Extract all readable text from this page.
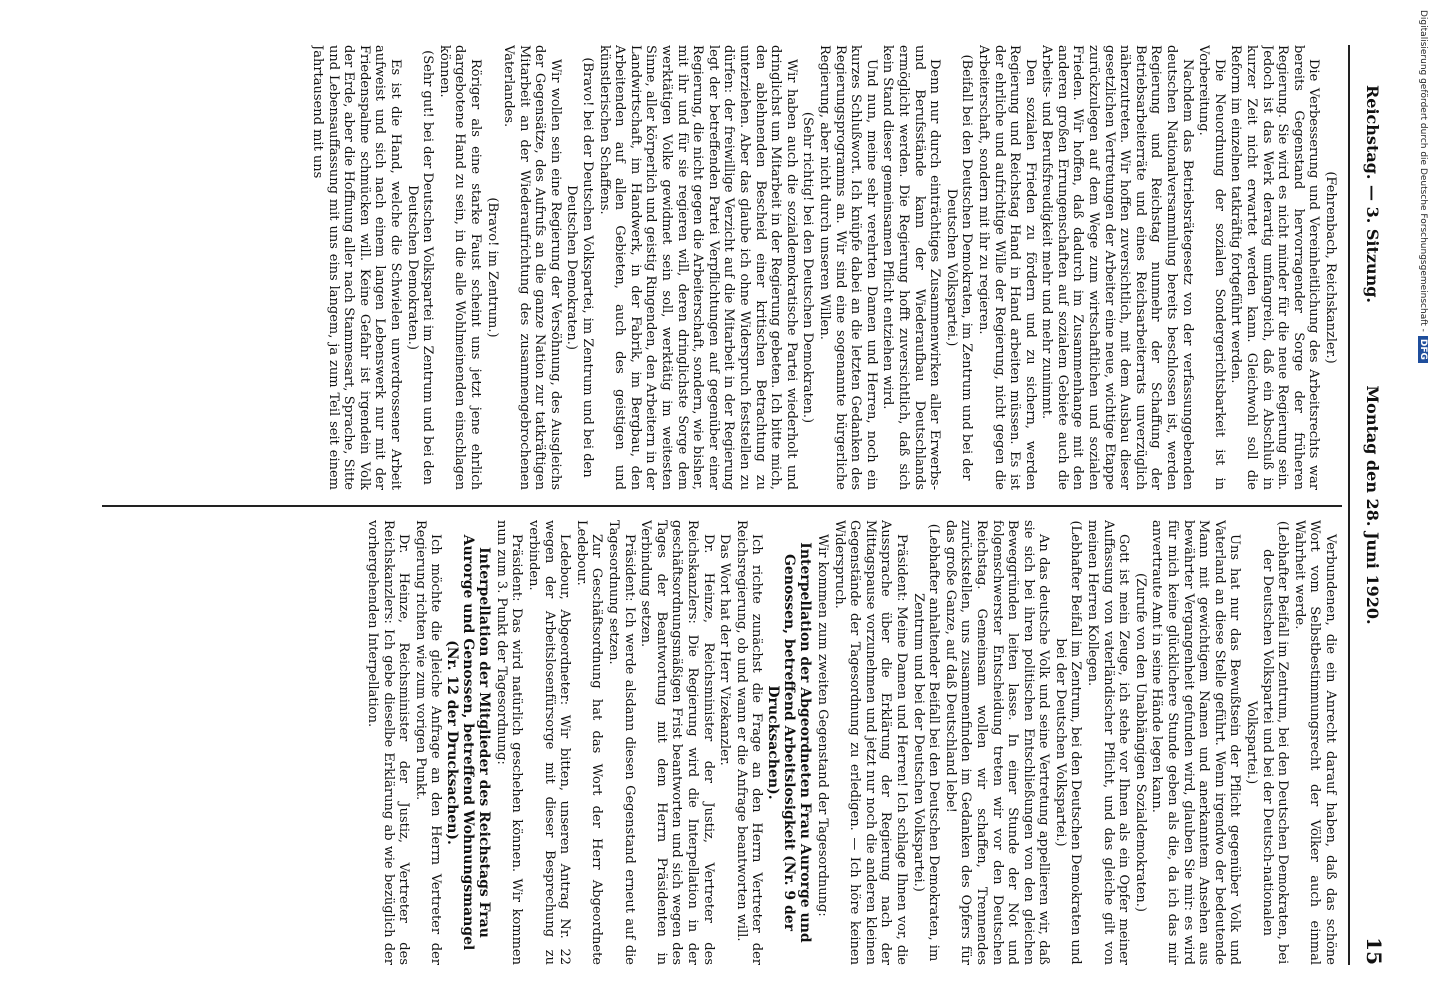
Reichstag. — 3. Sitzung.
Montag den 28. Juni 1920.
15

(Fehrenbach, Reichskanzler.)

Die Verbesserung und Vereinheitlichung des Arbeitsrechts war bereits Gegenstand hervorragender Sorge der früheren Regierung. Sie wird es nicht minder für die neue Regierung sein. Jedoch ist das Werk derartig umfangreich, daß ein Abschluß in kurzer Zeit nicht erwartet werden kann. Gleichwohl soll die Reform im einzelnen tatkräftig fortgeführt werden.

Die Neuordnung der sozialen Sondergerichtsbarkeit ist in Vorbereitung.

Nachdem das Betriebsrätegesetz von der verfassunggebenden deutschen Nationalversammlung bereits beschlossen ist, werden Regierung und Reichstag nunmehr der Schaffung der Betriebsarbeiterräte und eines Reichsarbeiterrats unverzüglich näherzutreten. Wir hoffen zuversichtlich, mit dem Ausbau dieser gesetzlichen Vertretungen der Arbeiter eine neue, wichtige Etappe zurückzulegen auf dem Wege zum wirtschaftlichen und sozialen Frieden. Wir hoffen, daß dadurch im Zusammenhange mit den anderen großen Errungenschaften auf sozialem Gebiete auch die Arbeits- und Berufsfreudigkeit mehr und mehr zunimmt.

Den sozialen Frieden zu fördern und zu sichern, werden Regierung und Reichstag Hand in Hand arbeiten müssen. Es ist der ehrliche und aufrichtige Wille der Regierung, nicht gegen die Arbeiterschaft, sondern mit ihr zu regieren.

(Beifall bei den Deutschen Demokraten, im Zentrum und bei der Deutschen Volkspartei.)

Denn nur durch einträchtiges Zusammenwirken aller Erwerbs- und Berufsstände kann der Wiederaufbau Deutschlands ermöglicht werden. Die Regierung hofft zuversichtlich, daß sich kein Stand dieser gemeinsamen Pflicht entziehen wird.

Und nun, meine sehr verehrten Damen und Herren, noch ein kurzes Schlußwort. Ich knüpfe dabei an die letzten Gedanken des Regierungsprogramms an. Wir sind eine sogenannte bürgerliche Regierung, aber nicht durch unseren Willen.

(Sehr richtig! bei den Deutschen Demokraten.)

Wir haben auch die sozialdemokratische Partei wiederholt und dringlichst um Mitarbeit in der Regierung gebeten. Ich bitte mich, den ablehnenden Bescheid einer kritischen Betrachtung zu unterziehen. Aber das glaube ich ohne Widerspruch feststellen zu dürfen: der freiwillige Verzicht auf die Mitarbeit in der Regierung legt der betreffenden Partei Verpflichtungen auf gegenüber einer Regierung, die nicht gegen die Arbeiterschaft, sondern, wie bisher, mit ihr und für sie regieren will, deren dringlichste Sorge dem werktätigen Volke gewidmet sein soll, werktätig im weitesten Sinne, aller körperlich und geistig Ringenden, den Arbeitern in der Landwirtschaft, im Handwerk, in der Fabrik, im Bergbau, den Arbeitenden auf allen Gebieten, auch des geistigen und künstlerischen Schaffens.

(Bravo! bei der Deutschen Volkspartei, im Zentrum und bei den Deutschen Demokraten.)

Wir wollen sein eine Regierung der Versöhnung, des Ausgleichs der Gegensätze, des Aufrufs an die ganze Nation zur tatkräftigen Mitarbeit an der Wiederaufrichtung des zusammengebrochenen Vaterlandes.

(Bravo! im Zentrum.)

Röriger als eine starke Faust scheint uns jetzt jene ehrlich dargebotene Hand zu sein, in die alle Wohlmeinenden einschlagen können.

(Sehr gut! bei der Deutschen Volkspartei im Zentrum und bei den Deutschen Demokraten.)

Es ist die Hand, welche die Schwielen unverdrossener Arbeit aufweist und sich nach einem langen Lebenswerk nur mit der Friedenspalme schmücken will. Keine Gefahr ist irgendein Volk der Erde, aber die Hoffnung aller nach Stammesart, Sprache, Sitte und Lebensauffassung mit uns eins langem, ja zum Teil seit einem Jahrtausend mit uns

Verbundenen, die ein Anrecht darauf haben, daß das schöne Wort vom Selbstbestimmungsrecht der Völker auch einmal Wahrheit werde.

(Lebhafter Beifall im Zentrum, bei den Deutschen Demokraten, bei der Deutschen Volkspartei und bei der Deutsch-nationalen Volkspartei.)

Uns hat nur das Bewußtsein der Pflicht gegenüber Volk und Vaterland an diese Stelle geführt. Wenn irgendwo der bedeutende Mann mit gewichtigem Namen und anerkanntem Ansehen aus bewährter Vergangenheit gefunden wird, glauben Sie mir: es wird für mich keine glücklichere Stunde geben als die, da ich das mir anvertraute Amt in seine Hände legen kann.

(Zurufe von den Unabhängigen Sozialdemokraten.)

Gott ist mein Zeuge, ich stehe vor Ihnen als ein Opfer meiner Auffassung von vaterländischer Pflicht, und das gleiche gilt von meinen Herren Kollegen.

(Lebhafter Beifall im Zentrum, bei den Deutschen Demokraten und bei der Deutschen Volkspartei.)

An das deutsche Volk und seine Vertretung appellieren wir, daß sie sich bei ihren politischen Entschließungen von den gleichen Beweggründen leiten lasse. In einer Stunde der Not und folgenschwerster Entscheidung treten wir vor den Deutschen Reichstag. Gemeinsam wollen wir schaffen, Trennendes zurückstellen, uns zusammenfinden im Gedanken des Opfers für das große Ganze, auf daß Deutschland lebe!

(Lebhafter anhaltender Beifall bei den Deutschen Demokraten, im Zentrum und bei der Deutschen Volkspartei.)

Präsident: Meine Damen und Herren! Ich schlage Ihnen vor, die Aussprache über die Erklärung der Regierung nach der Mittagspause vorzunehmen und jetzt nur noch die anderen kleinen Gegenstände der Tagesordnung zu erledigen. — Ich höre keinen Widerspruch.

Wir kommen zum zweiten Gegenstand der Tagesordnung:

Interpellation der Abgeordneten Frau Aurorge und Genossen, betreffend Arbeitslosigkeit (Nr. 9 der Drucksachen).

Ich richte zunächst die Frage an den Herrn Vertreter der Reichsregierung, ob und wann er die Anfrage beantworten will.

Das Wort hat der Herr Vizekanzler.

Dr. Heinze, Reichsminister der Justiz, Vertreter des Reichskanzlers: Die Regierung wird die Interpellation in der geschäftsordnungsmäßigen Frist beantworten und sich wegen des Tages der Beantwortung mit dem Herrn Präsidenten in Verbindung setzen.

Präsident: Ich werde alsdann diesen Gegenstand erneut auf die Tagesordnung setzen.

Zur Geschäftsordnung hat das Wort der Herr Abgeordnete Ledebour.

Ledebour, Abgeordneter: Wir bitten, unseren Antrag Nr. 22 wegen der Arbeitslosenfürsorge mit dieser Besprechung zu verbinden.

Präsident: Das wird natürlich geschehen können. Wir kommen nun zum 3. Punkt der Tagesordnung:

Interpellation der Mitglieder des Reichstags Frau Aurorge und Genossen, betreffend Wohnungsmangel (Nr. 12 der Drucksachen).

Ich möchte die gleiche Anfrage an den Herrn Vertreter der Regierung richten wie zum vorigen Punkt.

Dr. Heinze, Reichsminister der Justiz, Vertreter des Reichskanzlers: Ich gebe dieselbe Erklärung ab wie bezüglich der vorhergehenden Interpellation.

Digitalisierung gefördert durch die Deutsche Forschungsgemeinschaft -DFG
